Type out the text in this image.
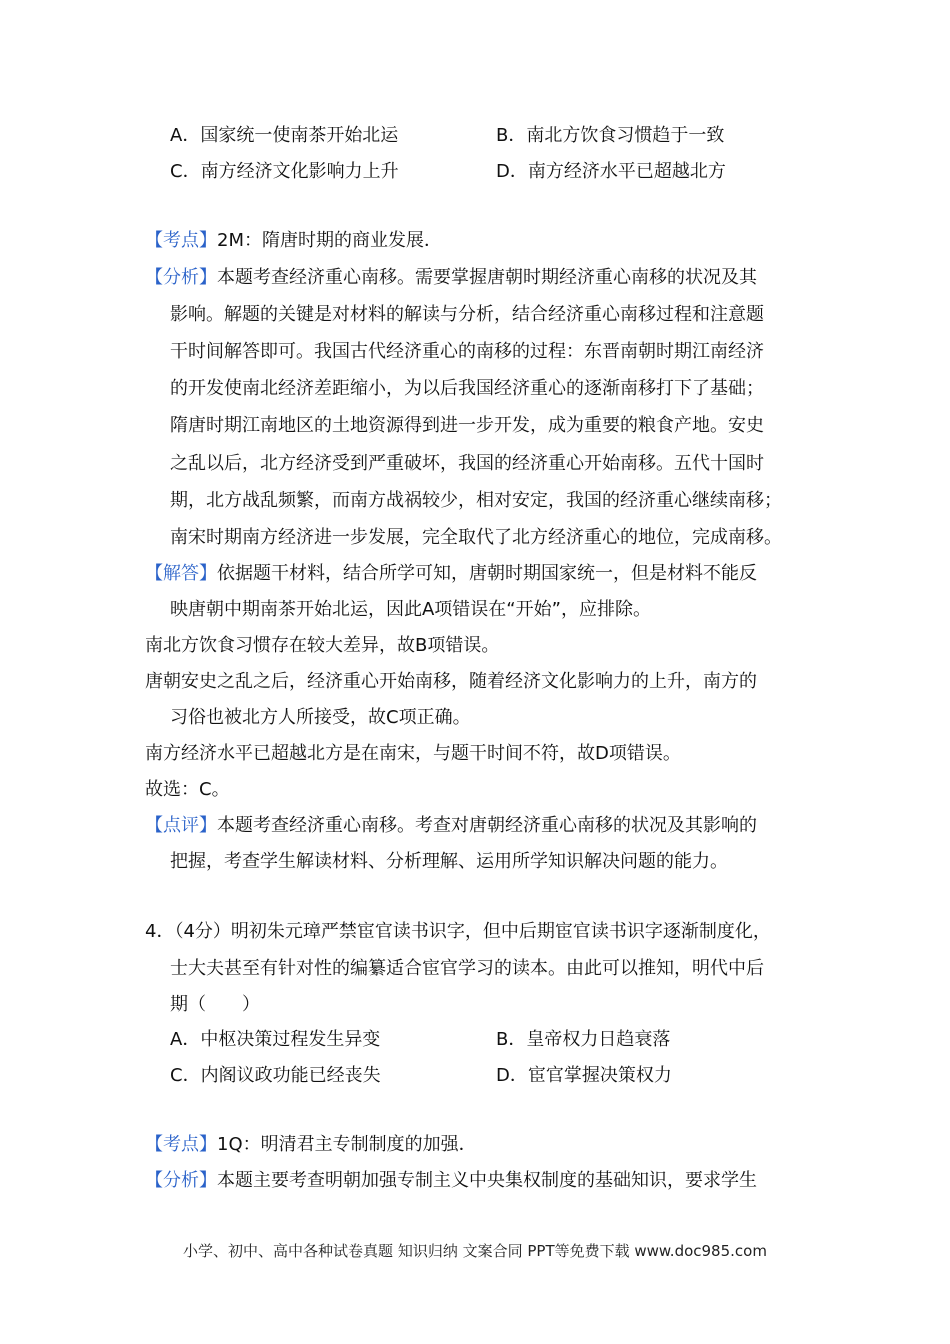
A．国家统一使南茶开始北运	B．南北方饮食习惯趋于一致
C．南方经济文化影响力上升	D．南方经济水平已超越北方
【考点】2M：隋唐时期的商业发展．
【分析】本题考查经济重心南移。需要掌握唐朝时期经济重心南移的状况及其
影响。解题的关键是对材料的解读与分析，结合经济重心南移过程和注意题
干时间解答即可。我国古代经济重心的南移的过程：东晋南朝时期江南经济
的开发使南北经济差距缩小，为以后我国经济重心的逐渐南移打下了基础；
隋唐时期江南地区的土地资源得到进一步开发，成为重要的粮食产地。安史
之乱以后，北方经济受到严重破坏，我国的经济重心开始南移。五代十国时
期，北方战乱频繁，而南方战祸较少，相对安定，我国的经济重心继续南移；
南宋时期南方经济进一步发展，完全取代了北方经济重心的地位，完成南移。
【解答】依据题干材料，结合所学可知，唐朝时期国家统一，但是材料不能反
映唐朝中期南茶开始北运，因此A项错误在“开始”，应排除。
南北方饮食习惯存在较大差异，故B项错误。
唐朝安史之乱之后，经济重心开始南移，随着经济文化影响力的上升，南方的
习俗也被北方人所接受，故C项正确。
南方经济水平已超越北方是在南宋，与题干时间不符，故D项错误。
故选：C。
【点评】本题考查经济重心南移。考查对唐朝经济重心南移的状况及其影响的
把握，考查学生解读材料、分析理解、运用所学知识解决问题的能力。
4．（4分）明初朱元璋严禁宦官读书识字，但中后期宦官读书识字逐渐制度化，
士大夫甚至有针对性的编纂适合宦官学习的读本。由此可以推知，明代中后
期（　　）
A．中枢决策过程发生异变	B．皇帝权力日趋衰落
C．内阁议政功能已经丧失	D．宦官掌握决策权力
【考点】1Q：明清君主专制制度的加强．
【分析】本题主要考查明朝加强专制主义中央集权制度的基础知识，要求学生
小学、初中、高中各种试卷真题 知识归纳 文案合同 PPT等免费下载 www.doc985.com
